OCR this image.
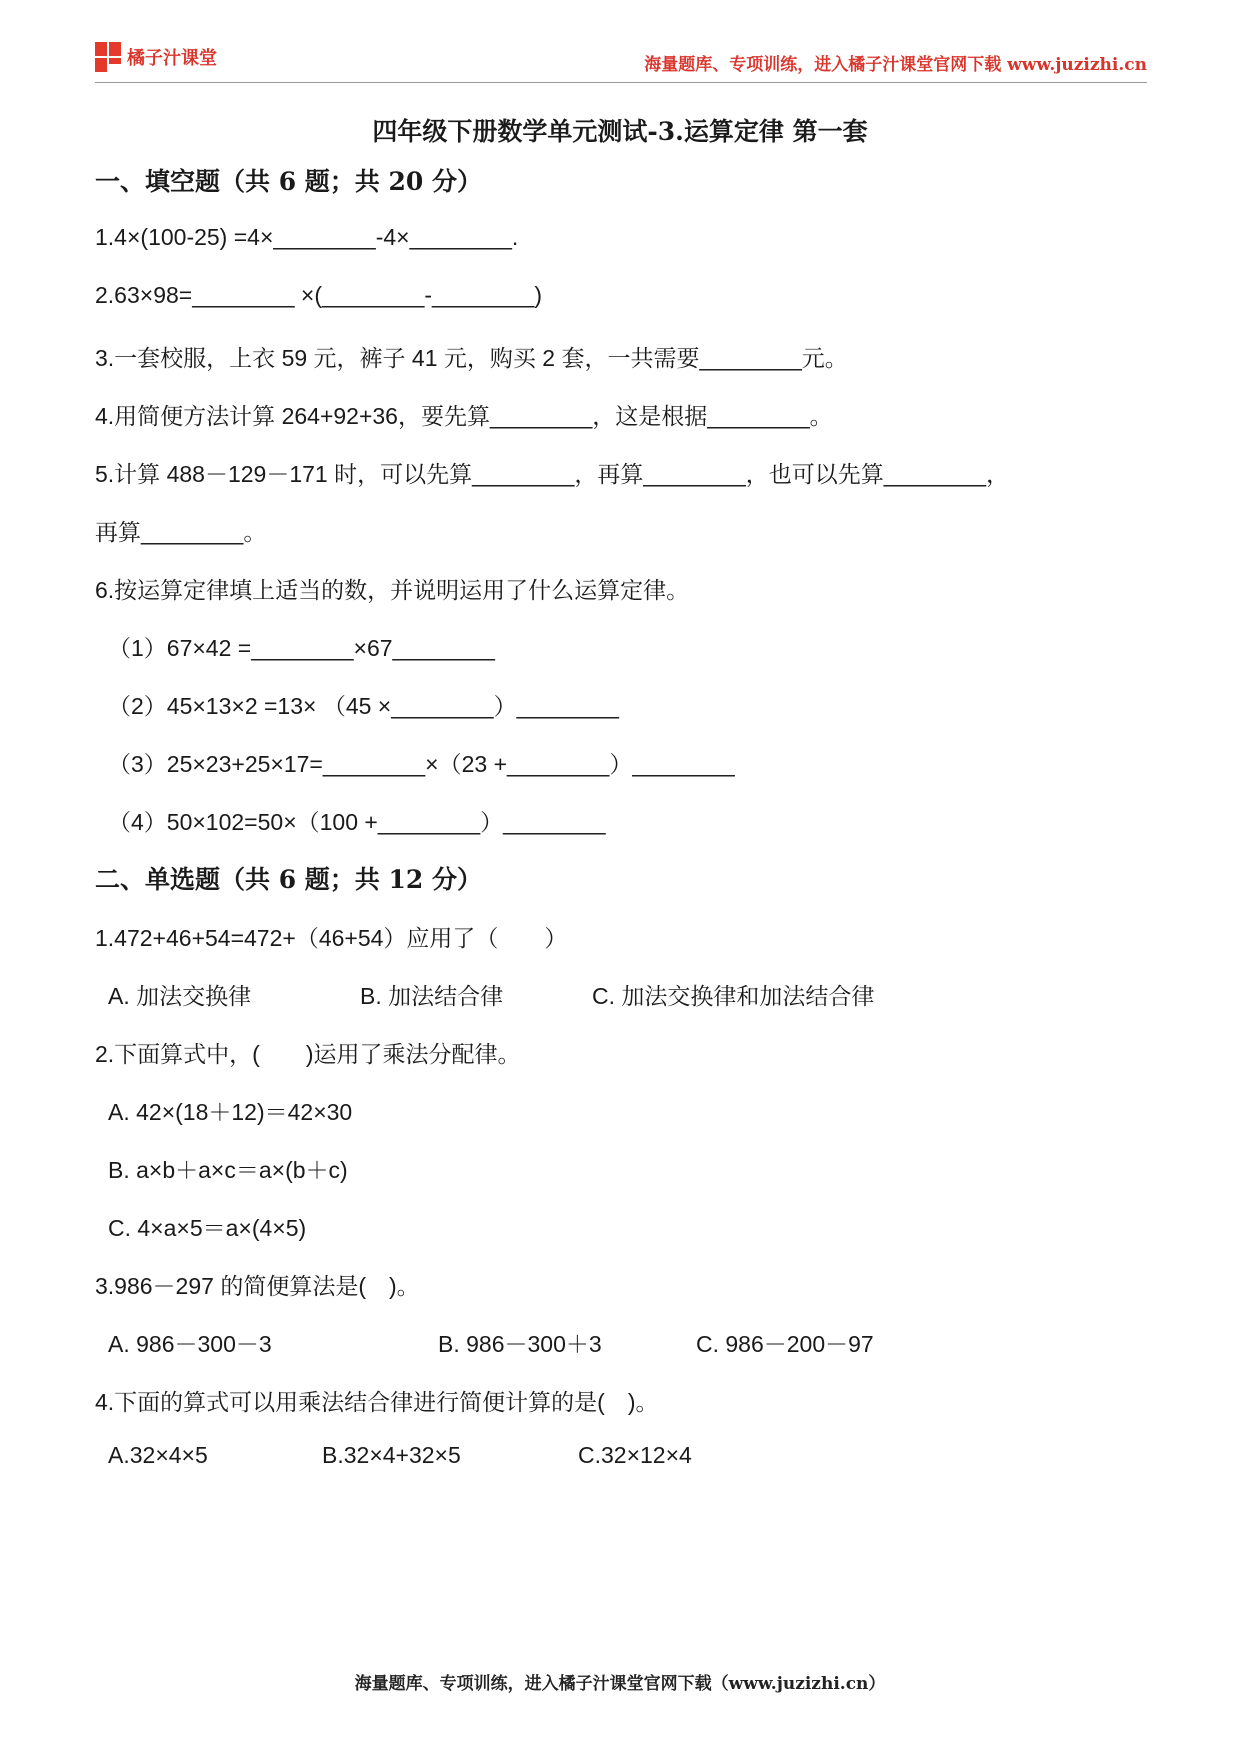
橘子汁课堂	海量题库、专项训练，进入橘子汁课堂官网下载 www.juzizhi.cn
四年级下册数学单元测试-3.运算定律 第一套
一、填空题（共 6 题；共 20 分）
1.4×(100-25) =4×________-4×________.
2.63×98=________ ×(________-________)
3.一套校服，上衣 59 元，裤子 41 元，购买 2 套，一共需要________元。
4.用简便方法计算 264+92+36，要先算________，这是根据________。
5.计算 488－129－171 时，可以先算________，再算________，也可以先算________，
再算________。
6.按运算定律填上适当的数，并说明运用了什么运算定律。
（1）67×42 =________×67________
（2）45×13×2 =13× （45 ×________）________
（3）25×23+25×17=________×（23 +________）________
（4）50×102=50×（100 +________）________
二、单选题（共 6 题；共 12 分）
1.472+46+54=472+（46+54）应用了（　　）
A. 加法交换律	B. 加法结合律	C. 加法交换律和加法结合律
2.下面算式中，(　　)运用了乘法分配律。
A. 42×(18＋12)＝42×30
B. a×b＋a×c＝a×(b＋c)
C. 4×a×5＝a×(4×5)
3.986－297 的简便算法是(　)。
A. 986－300－3	B. 986－300＋3	C. 986－200－97
4.下面的算式可以用乘法结合律进行简便计算的是(　)。
A.32×4×5	B.32×4+32×5	C.32×12×4
海量题库、专项训练，进入橘子汁课堂官网下载（www.juzizhi.cn）
